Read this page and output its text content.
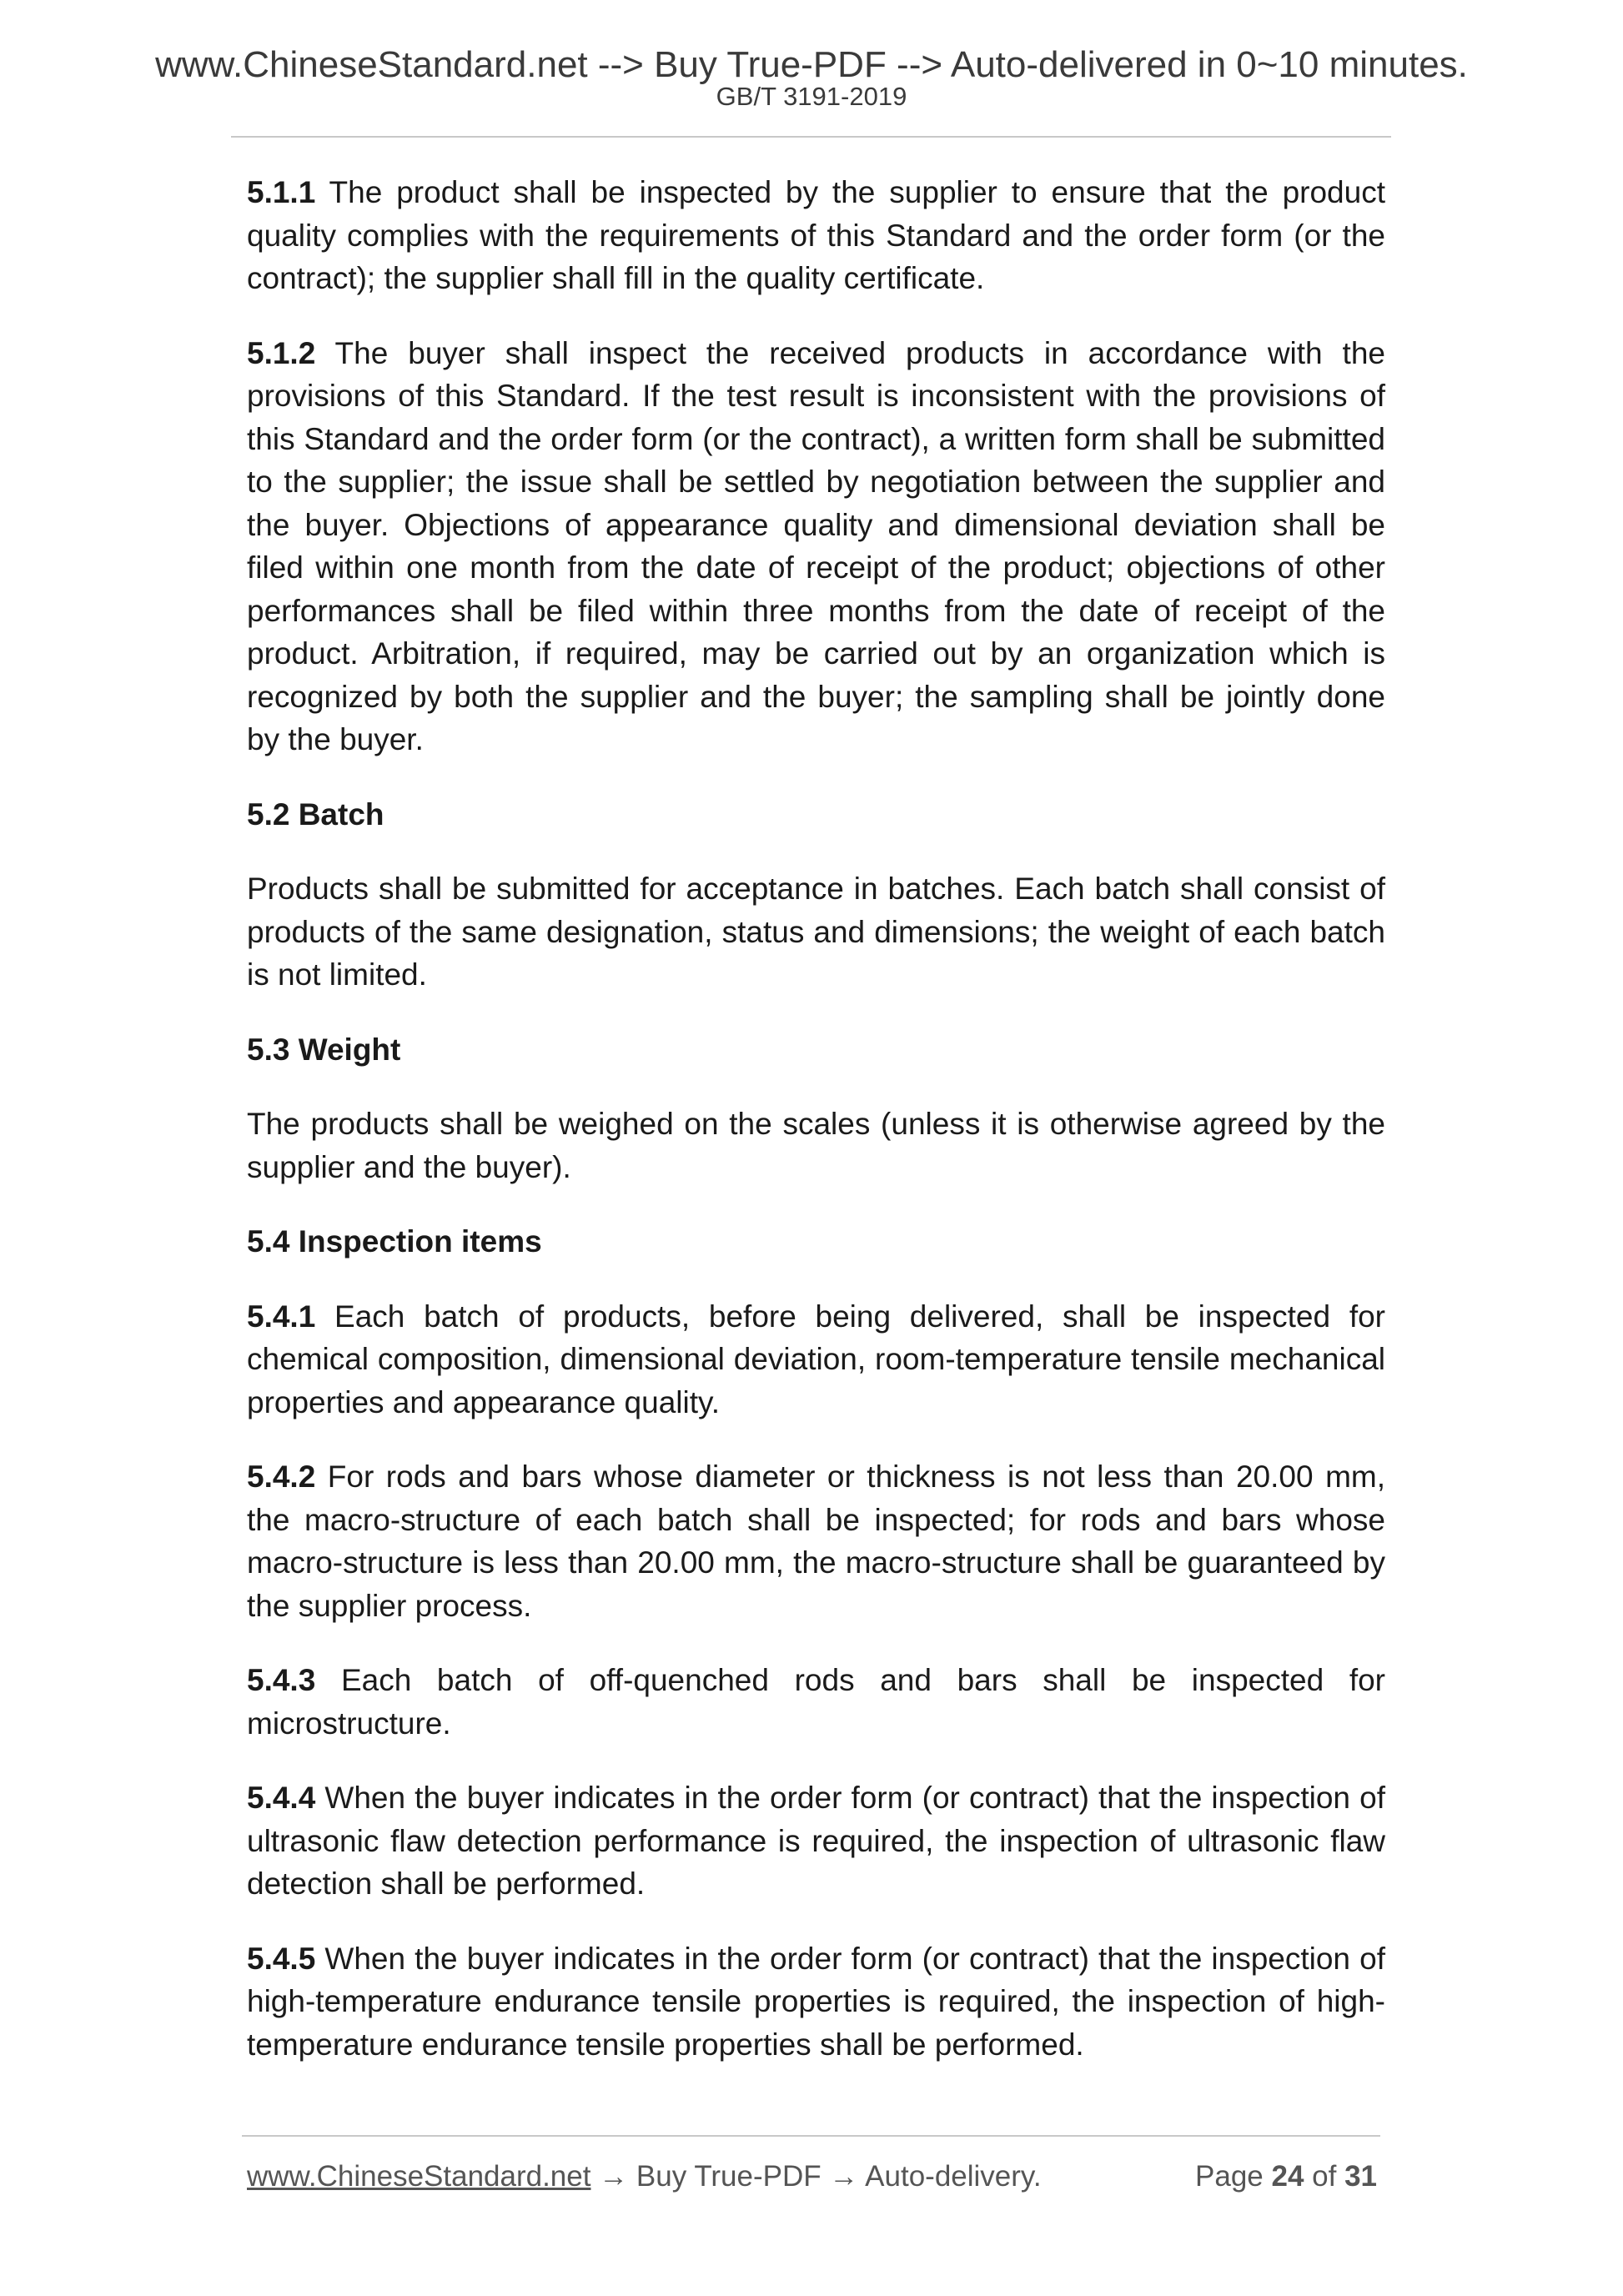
www.ChineseStandard.net --> Buy True-PDF --> Auto-delivered in 0~10 minutes.
GB/T 3191-2019

5.1.1 The product shall be inspected by the supplier to ensure that the product quality complies with the requirements of this Standard and the order form (or the contract); the supplier shall fill in the quality certificate.

5.1.2 The buyer shall inspect the received products in accordance with the provisions of this Standard. If the test result is inconsistent with the provisions of this Standard and the order form (or the contract), a written form shall be submitted to the supplier; the issue shall be settled by negotiation between the supplier and the buyer. Objections of appearance quality and dimensional deviation shall be filed within one month from the date of receipt of the product; objections of other performances shall be filed within three months from the date of receipt of the product. Arbitration, if required, may be carried out by an organization which is recognized by both the supplier and the buyer; the sampling shall be jointly done by the buyer.

5.2 Batch

Products shall be submitted for acceptance in batches. Each batch shall consist of products of the same designation, status and dimensions; the weight of each batch is not limited.

5.3 Weight

The products shall be weighed on the scales (unless it is otherwise agreed by the supplier and the buyer).

5.4 Inspection items

5.4.1 Each batch of products, before being delivered, shall be inspected for chemical composition, dimensional deviation, room-temperature tensile mechanical properties and appearance quality.

5.4.2 For rods and bars whose diameter or thickness is not less than 20.00 mm, the macro-structure of each batch shall be inspected; for rods and bars whose macro-structure is less than 20.00 mm, the macro-structure shall be guaranteed by the supplier process.

5.4.3 Each batch of off-quenched rods and bars shall be inspected for microstructure.

5.4.4 When the buyer indicates in the order form (or contract) that the inspection of ultrasonic flaw detection performance is required, the inspection of ultrasonic flaw detection shall be performed.

5.4.5 When the buyer indicates in the order form (or contract) that the inspection of high-temperature endurance tensile properties is required, the inspection of high-temperature endurance tensile properties shall be performed.

www.ChineseStandard.net → Buy True-PDF → Auto-delivery.	Page 24 of 31
